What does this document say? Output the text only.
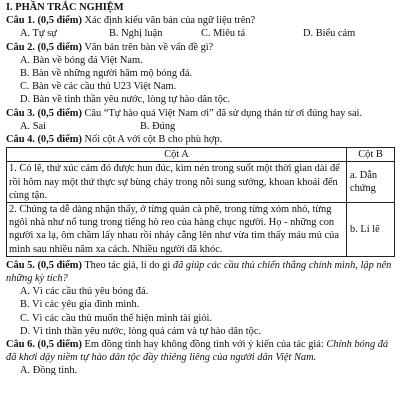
I. PHẦN TRẮC NGHIỆM
Câu 1. (0,5 điểm) Xác định kiểu văn bản của ngữ liệu trên?
A. Tự sự	B. Nghị luận	C. Miêu tả	D. Biểu cảm
Câu 2. (0,5 điểm) Văn bản trên bàn về vấn đề gì?
A. Bàn về bóng đá Việt Nam.
B. Bàn về những người hâm mộ bóng đá.
C. Bàn về các cầu thủ U23 Việt Nam.
D. Bàn về tinh thần yêu nước, lòng tự hào dân tộc.
Câu 3. (0,5 điểm) Câu “Tự hào quá Việt Nam ơi” đã sử dụng thán từ ơi đúng hay sai.
A. Sai	B. Đúng
Câu 4. (0,5 điểm) Nối cột A với cột B cho phù hợp.
Cột A	Cột B
1. Có lẽ, thứ xúc cảm đó được hun đúc, kìm nén trong suốt một thời gian dài để rồi hôm nay một thứ thực sự bùng cháy trong nỗi sung sướng, khoan khoái đến cùng tận.	a. Dẫn chứng
2. Chúng ta dễ dàng nhận thấy, ở từng quán cà phê, trong từng xóm nhỏ, từng ngôi nhà như nổ tung trong tiếng hò reo của hàng chục người. Họ - những con người xa lạ, ôm chầm lấy nhau rồi nhảy cẫng lên như vừa tìm thấy máu mủ của mình sau nhiều năm xa cách. Nhiều người đã khóc.	b. Lí lẽ
Câu 5. (0,5 điểm) Theo tác giả, lí do gì đã giúp các cầu thủ chiến thắng chính mình, lập nên những kỳ tích?
A. Vì các cầu thủ yêu bóng đá.
B. Vì các yêu gia đình mình.
C. Vì các cầu thủ muốn thể hiện mình tài giỏi.
D. Vì tinh thần yêu nước, lòng quả cảm và tự hào dân tộc.
Câu 6. (0,5 điểm) Em đồng tình hay không đồng tình với ý kiến của tác giả: Chính bóng đá đã khơi dậy niềm tự hào dân tộc đầy thiêng liêng của người dân Việt Nam.
A. Đồng tình.
